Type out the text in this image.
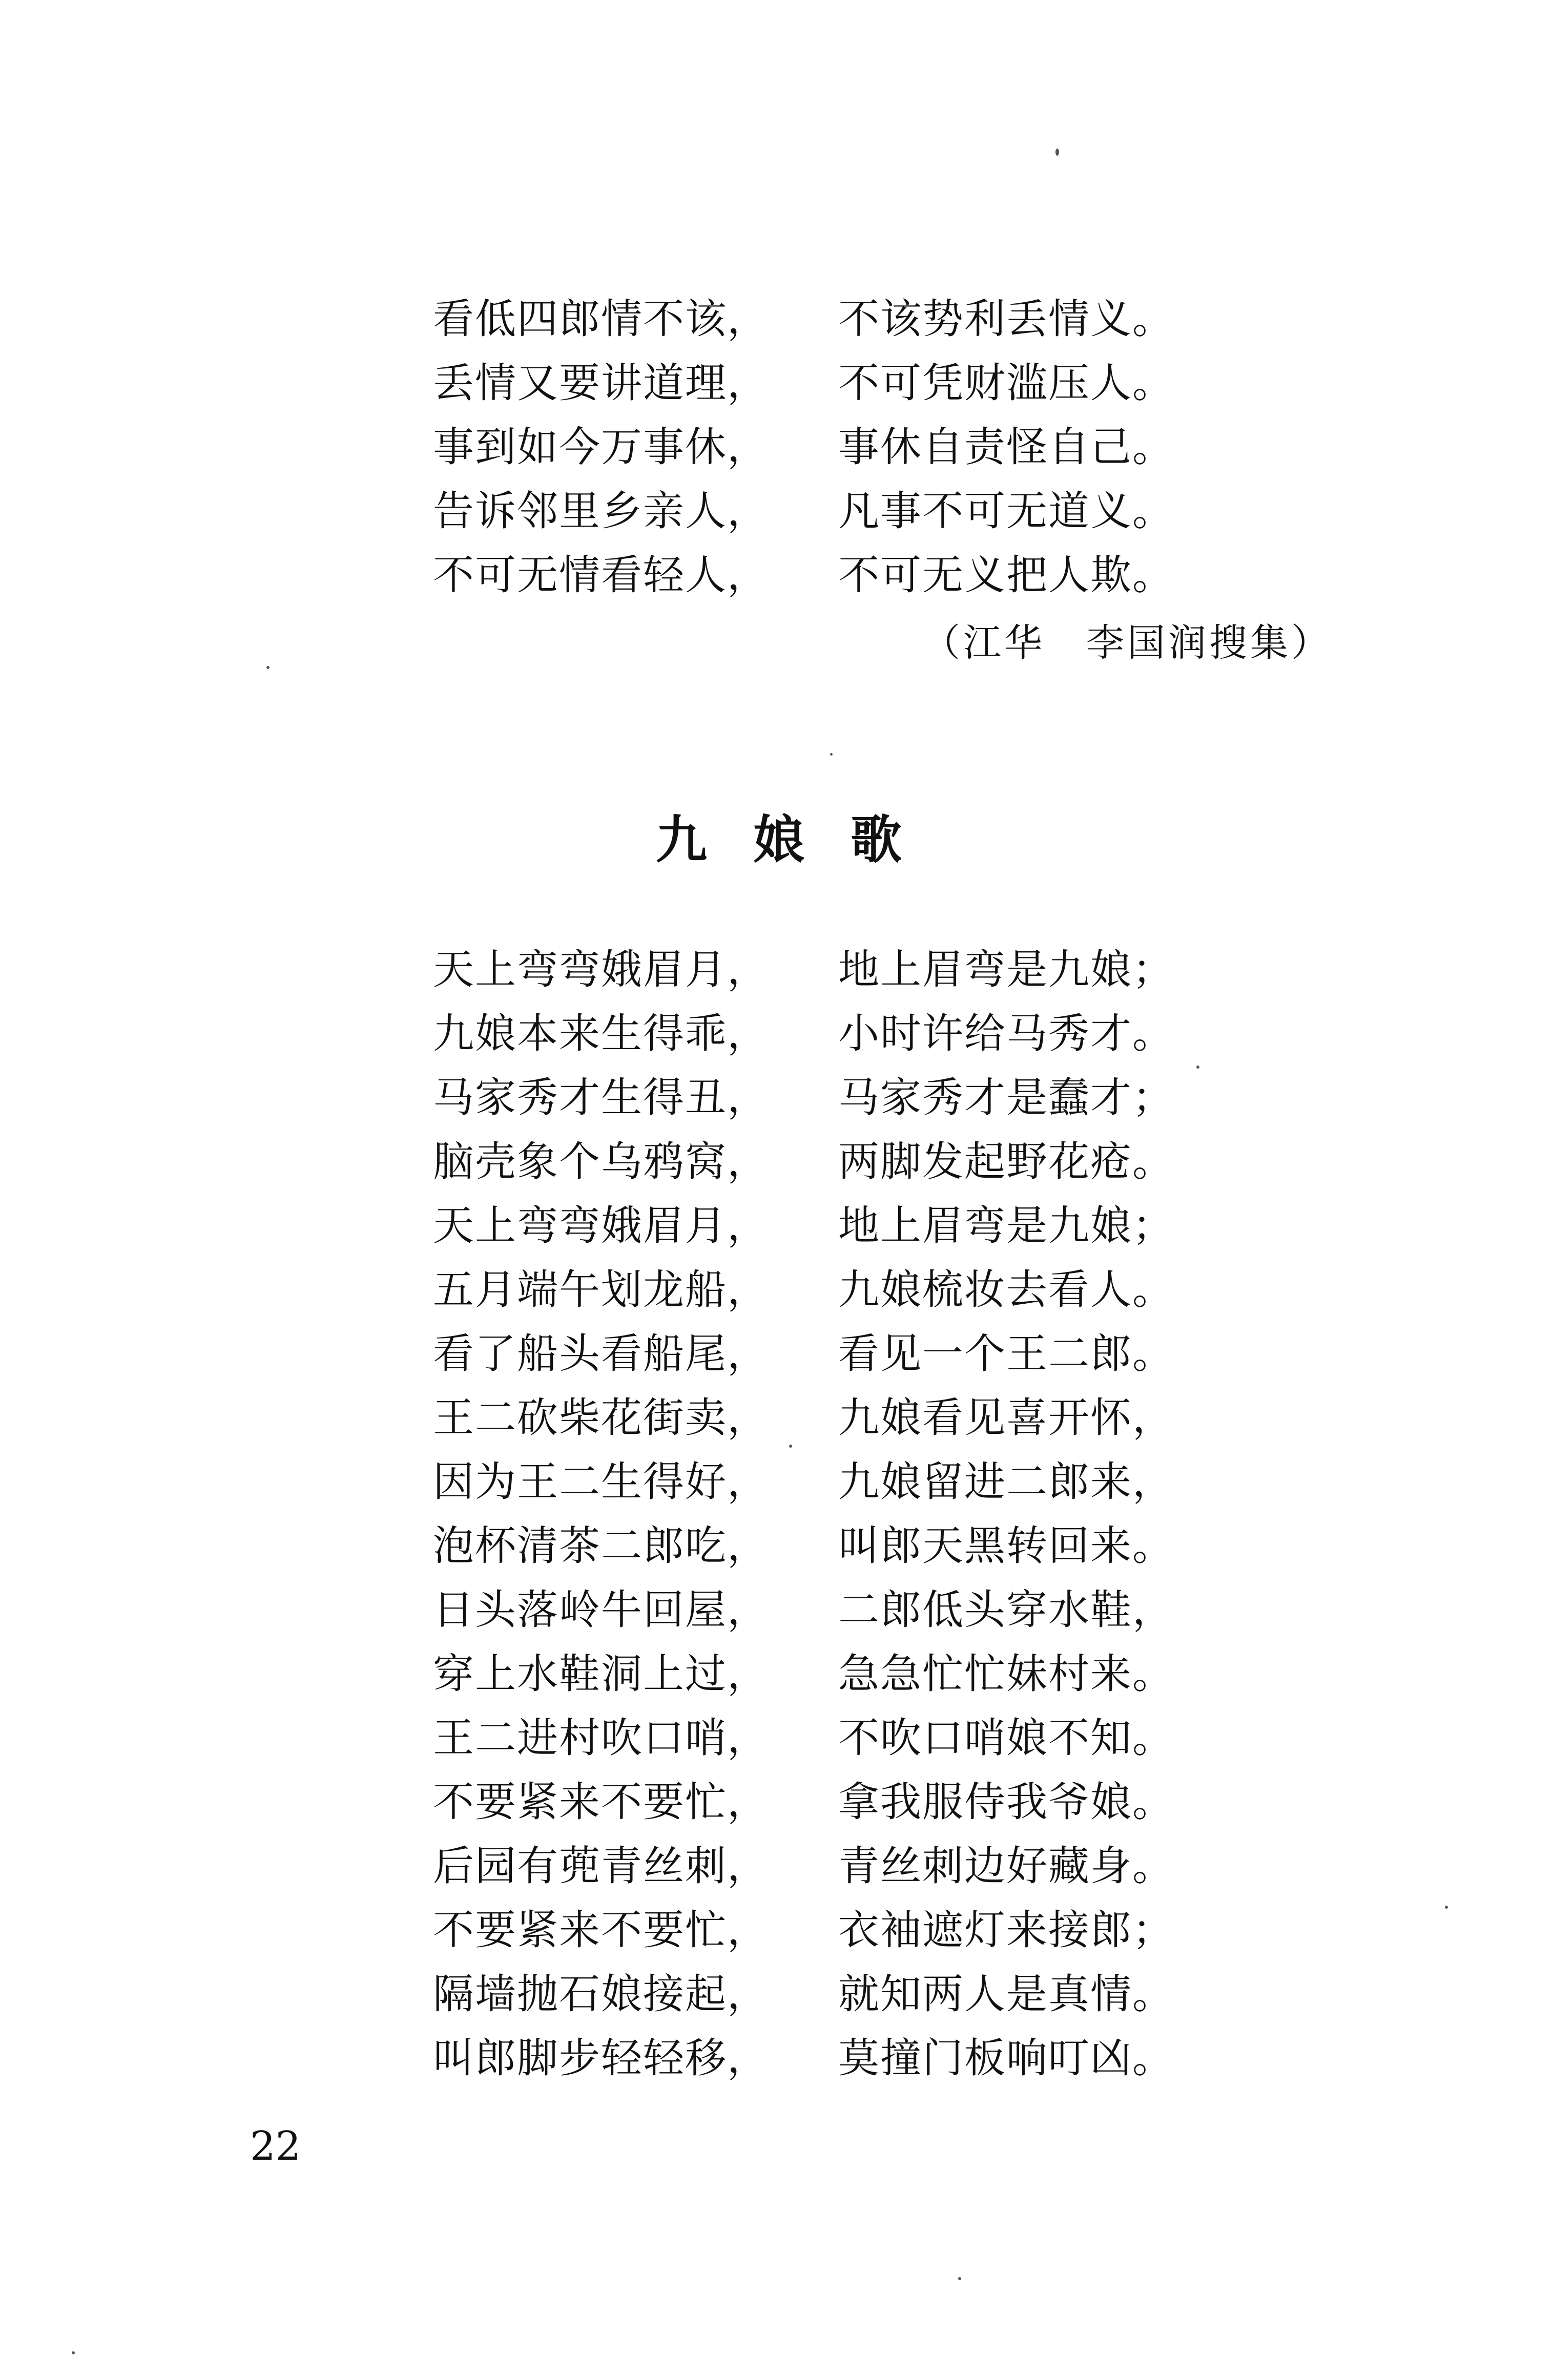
看低四郎情不该， 不该势利丢情义。
丢情又要讲道理， 不可凭财滥压人。
事到如今万事休， 事休自责怪自己。
告诉邻里乡亲人， 凡事不可无道义。
不可无情看轻人， 不可无义把人欺。
（江华　李国润搜集）
九娘歌
天上弯弯娥眉月， 地上眉弯是九娘；
九娘本来生得乖， 小时许给马秀才。
马家秀才生得丑， 马家秀才是蠢才；
脑壳象个乌鸦窝， 两脚发起野花疮。
天上弯弯娥眉月， 地上眉弯是九娘；
五月端午划龙船， 九娘梳妆去看人。
看了船头看船尾， 看见一个王二郎。
王二砍柴花街卖， 九娘看见喜开怀，
因为王二生得好， 九娘留进二郎来，
泡杯清茶二郎吃， 叫郎天黑转回来。
日头落岭牛回屋， 二郎低头穿水鞋，
穿上水鞋洞上过， 急急忙忙妹村来。
王二进村吹口哨， 不吹口哨娘不知。
不要紧来不要忙， 拿我服侍我爷娘。
后园有蔸青丝刺， 青丝刺边好藏身。
不要紧来不要忙， 衣袖遮灯来接郎；
隔墙抛石娘接起， 就知两人是真情。
叫郎脚步轻轻移， 莫撞门板响叮凶。
22
